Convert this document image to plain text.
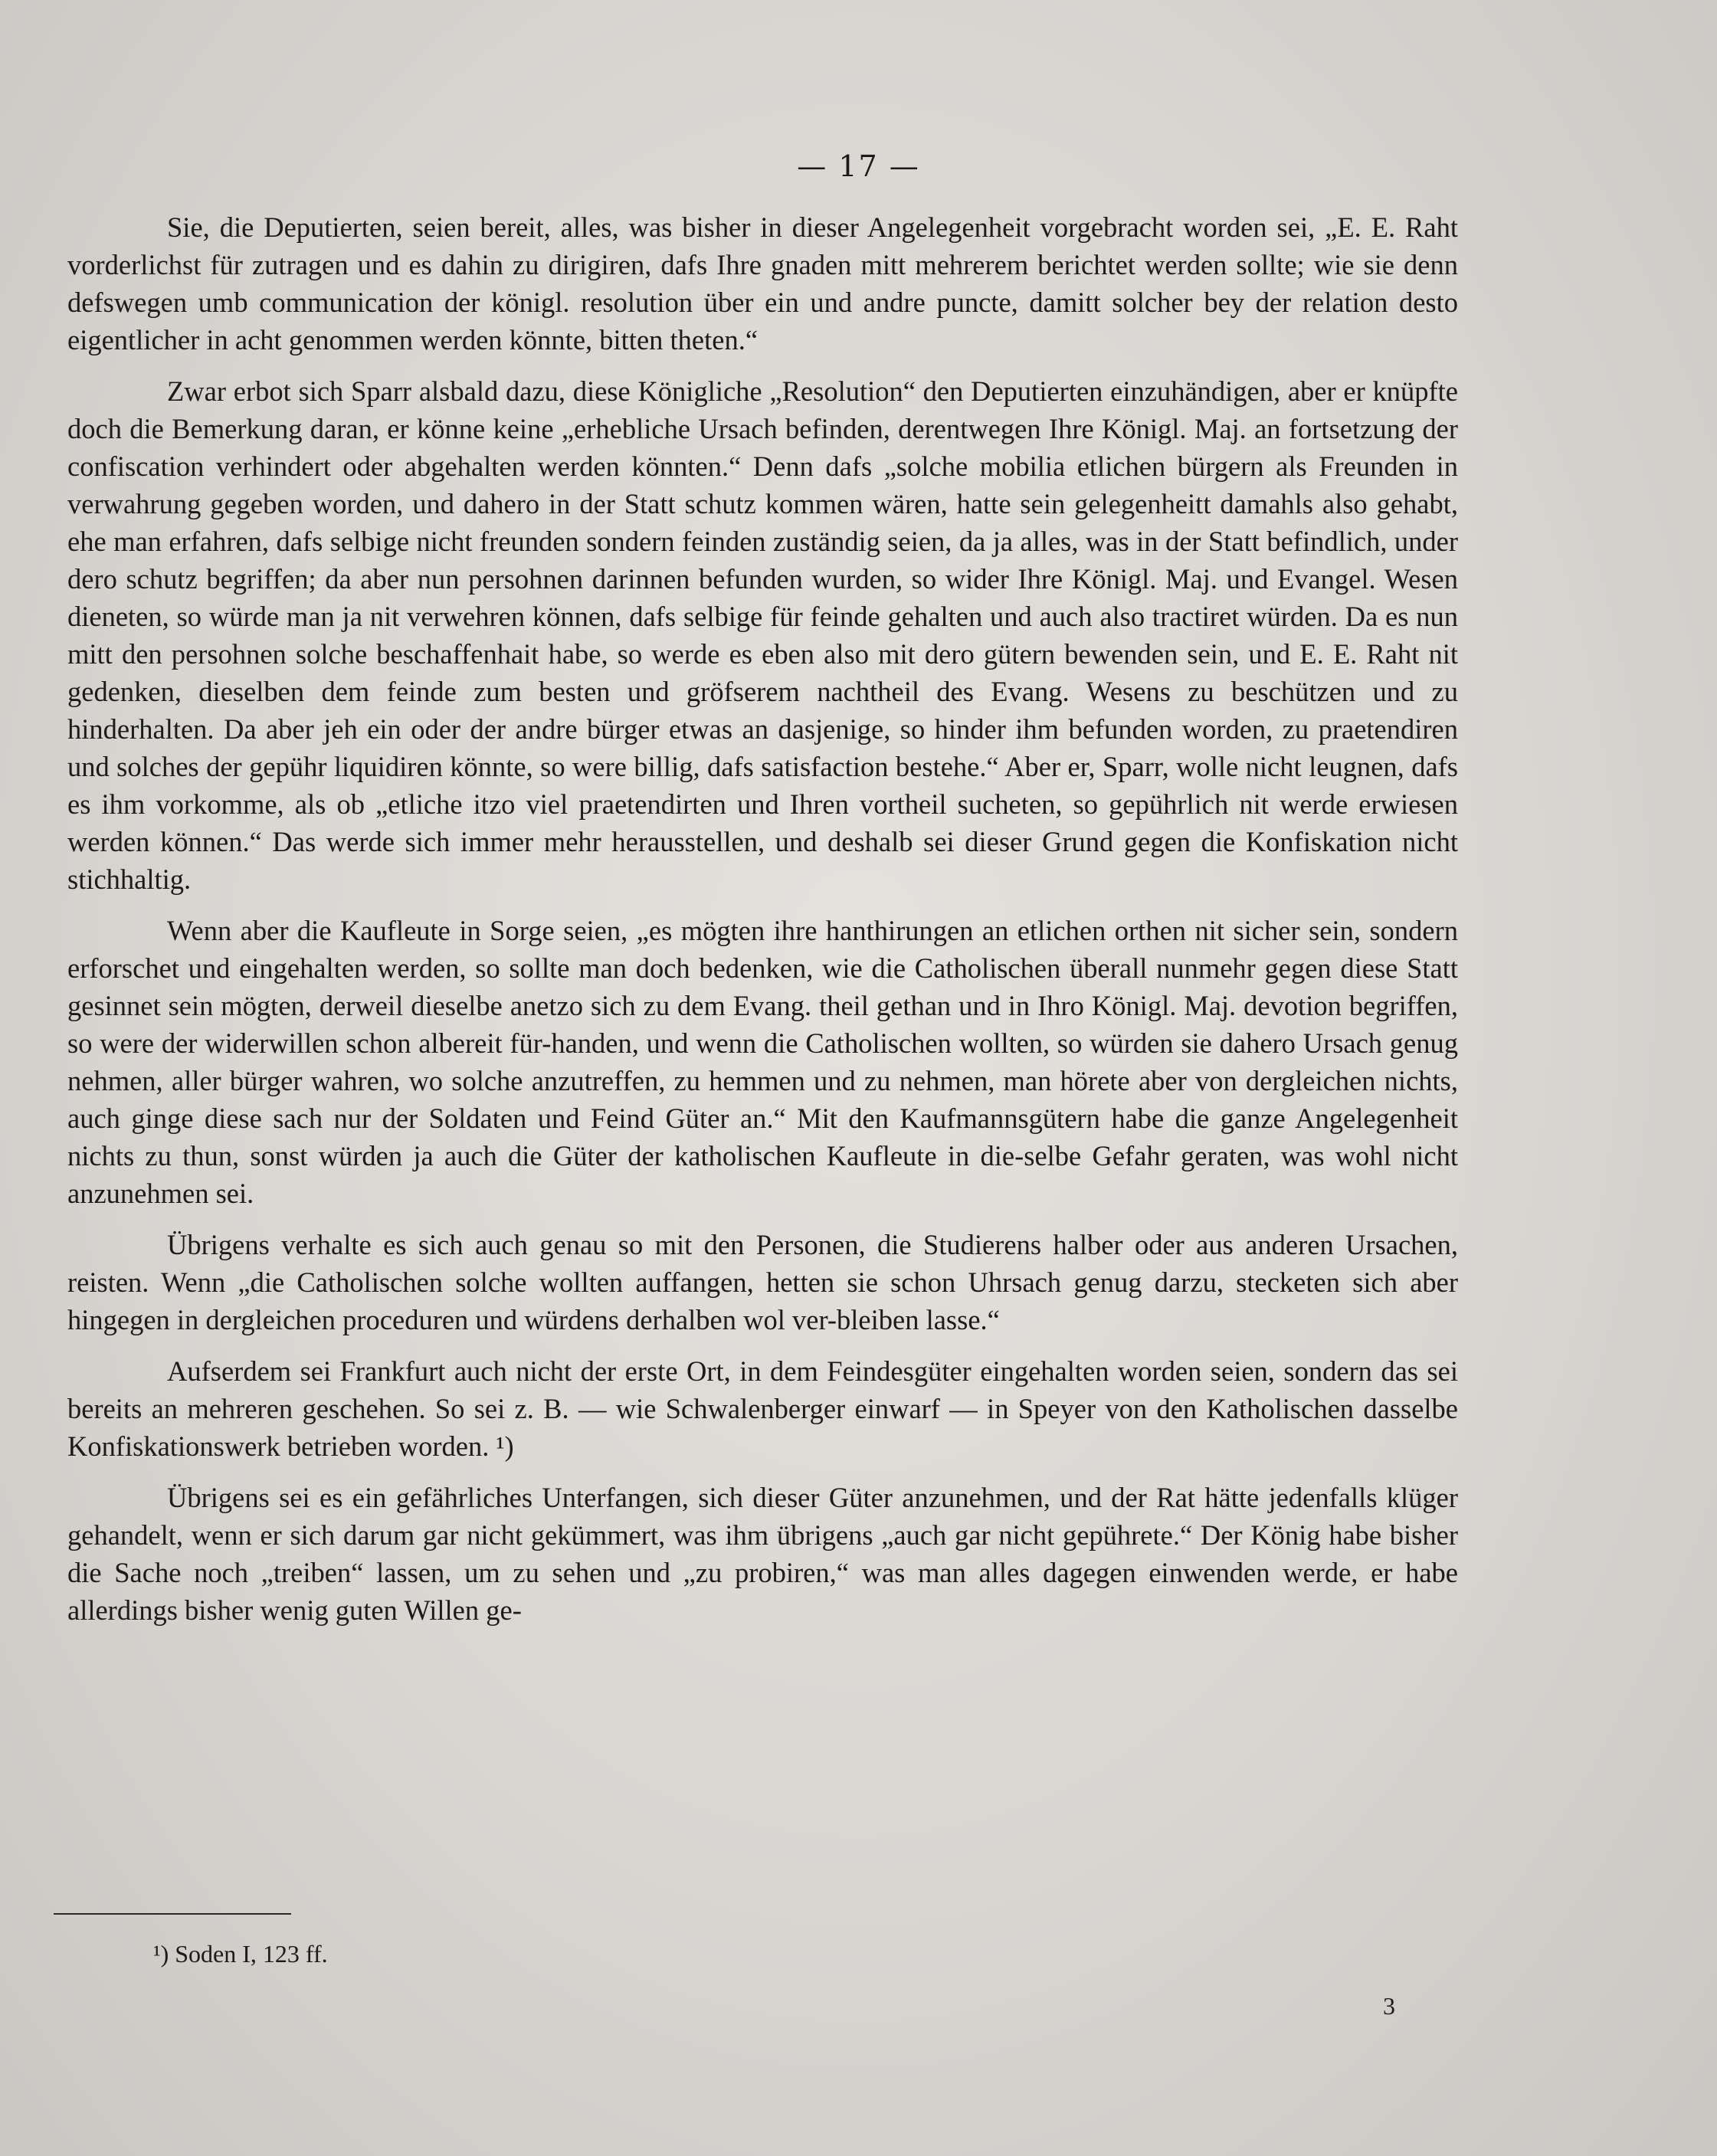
— 17 —

Sie, die Deputierten, seien bereit, alles, was bisher in dieser Angelegenheit vorgebracht worden sei, „E. E. Raht vorderlichst für zutragen und es dahin zu dirigiren, dafs Ihre gnaden mitt mehrerem berichtet werden sollte; wie sie denn defswegen umb communication der königl. resolution über ein und andre puncte, damitt solcher bey der relation desto eigentlicher in acht genommen werden könnte, bitten theten.“

Zwar erbot sich Sparr alsbald dazu, diese Königliche „Resolution“ den Deputierten einzuhändigen, aber er knüpfte doch die Bemerkung daran, er könne keine „erhebliche Ursach befinden, derentwegen Ihre Königl. Maj. an fortsetzung der confiscation verhindert oder abgehalten werden könnten.“ Denn dafs „solche mobilia etlichen bürgern als Freunden in verwahrung gegeben worden, und dahero in der Statt schutz kommen wären, hatte sein gelegenheitt damahls also gehabt, ehe man erfahren, dafs selbige nicht freunden sondern feinden zuständig seien, da ja alles, was in der Statt befindlich, under dero schutz begriffen; da aber nun persohnen darinnen befunden wurden, so wider Ihre Königl. Maj. und Evangel. Wesen dieneten, so würde man ja nit verwehren können, dafs selbige für feinde gehalten und auch also tractiret würden. Da es nun mitt den persohnen solche beschaffenhait habe, so werde es eben also mit dero gütern bewenden sein, und E. E. Raht nit gedenken, dieselben dem feinde zum besten und gröfserem nachtheil des Evang. Wesens zu beschützen und zu hinderhalten. Da aber jeh ein oder der andre bürger etwas an dasjenige, so hinder ihm befunden worden, zu praetendiren und solches der gepühr liquidiren könnte, so were billig, dafs satisfaction bestehe.“ Aber er, Sparr, wolle nicht leugnen, dafs es ihm vorkomme, als ob „etliche itzo viel praetendirten und Ihren vortheil sucheten, so gepührlich nit werde erwiesen werden können.“ Das werde sich immer mehr herausstellen, und deshalb sei dieser Grund gegen die Konfiskation nicht stichhaltig.

Wenn aber die Kaufleute in Sorge seien, „es mögten ihre hanthirungen an etlichen orthen nit sicher sein, sondern erforschet und eingehalten werden, so sollte man doch bedenken, wie die Catholischen überall nunmehr gegen diese Statt gesinnet sein mögten, derweil dieselbe anetzo sich zu dem Evang. theil gethan und in Ihro Königl. Maj. devotion begriffen, so were der widerwillen schon albereit für-handen, und wenn die Catholischen wollten, so würden sie dahero Ursach genug nehmen, aller bürger wahren, wo solche anzutreffen, zu hemmen und zu nehmen, man hörete aber von dergleichen nichts, auch ginge diese sach nur der Soldaten und Feind Güter an.“ Mit den Kaufmannsgütern habe die ganze Angelegenheit nichts zu thun, sonst würden ja auch die Güter der katholischen Kaufleute in die-selbe Gefahr geraten, was wohl nicht anzunehmen sei.

Übrigens verhalte es sich auch genau so mit den Personen, die Studierens halber oder aus anderen Ursachen, reisten. Wenn „die Catholischen solche wollten auffangen, hetten sie schon Uhrsach genug darzu, stecketen sich aber hingegen in dergleichen proceduren und würdens derhalben wol ver-bleiben lasse.“

Aufserdem sei Frankfurt auch nicht der erste Ort, in dem Feindesgüter eingehalten worden seien, sondern das sei bereits an mehreren geschehen. So sei z. B. — wie Schwalenberger einwarf — in Speyer von den Katholischen dasselbe Konfiskationswerk betrieben worden. ¹)

Übrigens sei es ein gefährliches Unterfangen, sich dieser Güter anzunehmen, und der Rat hätte jedenfalls klüger gehandelt, wenn er sich darum gar nicht gekümmert, was ihm übrigens „auch gar nicht gepührete.“ Der König habe bisher die Sache noch „treiben“ lassen, um zu sehen und „zu probiren,“ was man alles dagegen einwenden werde, er habe allerdings bisher wenig guten Willen ge-

¹) Soden I, 123 ff.
3
